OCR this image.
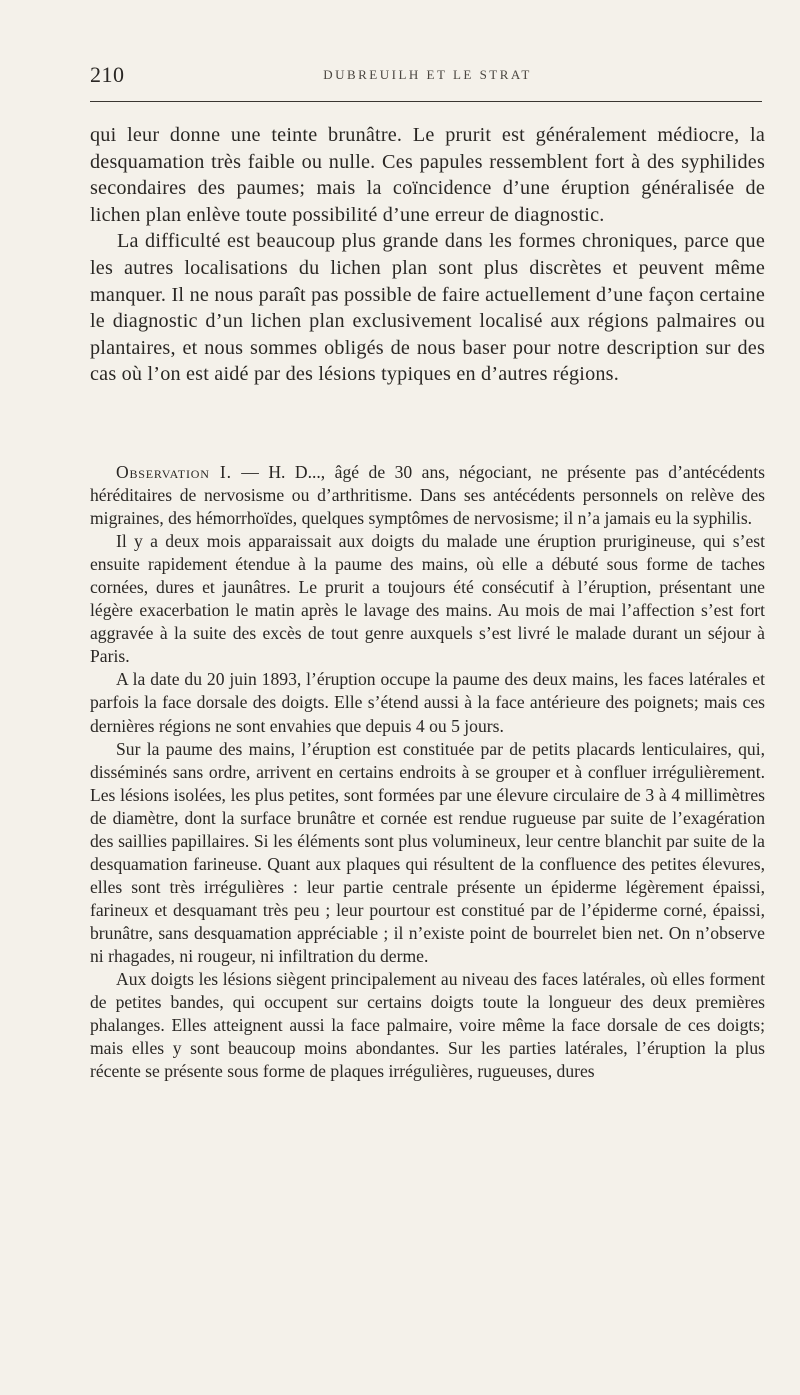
210	DUBREUILH ET LE STRAT

qui leur donne une teinte brunâtre. Le prurit est généralement médiocre, la desquamation très faible ou nulle. Ces papules ressemblent fort à des syphilides secondaires des paumes; mais la coïncidence d’une éruption généralisée de lichen plan enlève toute possibilité d’une erreur de diagnostic.

La difficulté est beaucoup plus grande dans les formes chroniques, parce que les autres localisations du lichen plan sont plus discrètes et peuvent même manquer. Il ne nous paraît pas possible de faire actuellement d’une façon certaine le diagnostic d’un lichen plan exclusivement localisé aux régions palmaires ou plantaires, et nous sommes obligés de nous baser pour notre description sur des cas où l’on est aidé par des lésions typiques en d’autres régions.

Observation I. — H. D..., âgé de 30 ans, négociant, ne présente pas d’antécédents héréditaires de nervosisme ou d’arthritisme. Dans ses antécédents personnels on relève des migraines, des hémorrhoïdes, quelques symptômes de nervosisme; il n’a jamais eu la syphilis.

Il y a deux mois apparaissait aux doigts du malade une éruption prurigineuse, qui s’est ensuite rapidement étendue à la paume des mains, où elle a débuté sous forme de taches cornées, dures et jaunâtres. Le prurit a toujours été consécutif à l’éruption, présentant une légère exacerbation le matin après le lavage des mains. Au mois de mai l’affection s’est fort aggravée à la suite des excès de tout genre auxquels s’est livré le malade durant un séjour à Paris.

A la date du 20 juin 1893, l’éruption occupe la paume des deux mains, les faces latérales et parfois la face dorsale des doigts. Elle s’étend aussi à la face antérieure des poignets; mais ces dernières régions ne sont envahies que depuis 4 ou 5 jours.

Sur la paume des mains, l’éruption est constituée par de petits placards lenticulaires, qui, disséminés sans ordre, arrivent en certains endroits à se grouper et à confluer irrégulièrement. Les lésions isolées, les plus petites, sont formées par une élevure circulaire de 3 à 4 millimètres de diamètre, dont la surface brunâtre et cornée est rendue rugueuse par suite de l’exagération des saillies papillaires. Si les éléments sont plus volumineux, leur centre blanchit par suite de la desquamation farineuse. Quant aux plaques qui résultent de la confluence des petites élevures, elles sont très irrégulières : leur partie centrale présente un épiderme légèrement épaissi, farineux et desquamant très peu ; leur pourtour est constitué par de l’épiderme corné, épaissi, brunâtre, sans desquamation appréciable ; il n’existe point de bourrelet bien net. On n’observe ni rhagades, ni rougeur, ni infiltration du derme.

Aux doigts les lésions siègent principalement au niveau des faces latérales, où elles forment de petites bandes, qui occupent sur certains doigts toute la longueur des deux premières phalanges. Elles atteignent aussi la face palmaire, voire même la face dorsale de ces doigts; mais elles y sont beaucoup moins abondantes. Sur les parties latérales, l’éruption la plus récente se présente sous forme de plaques irrégulières, rugueuses, dures
